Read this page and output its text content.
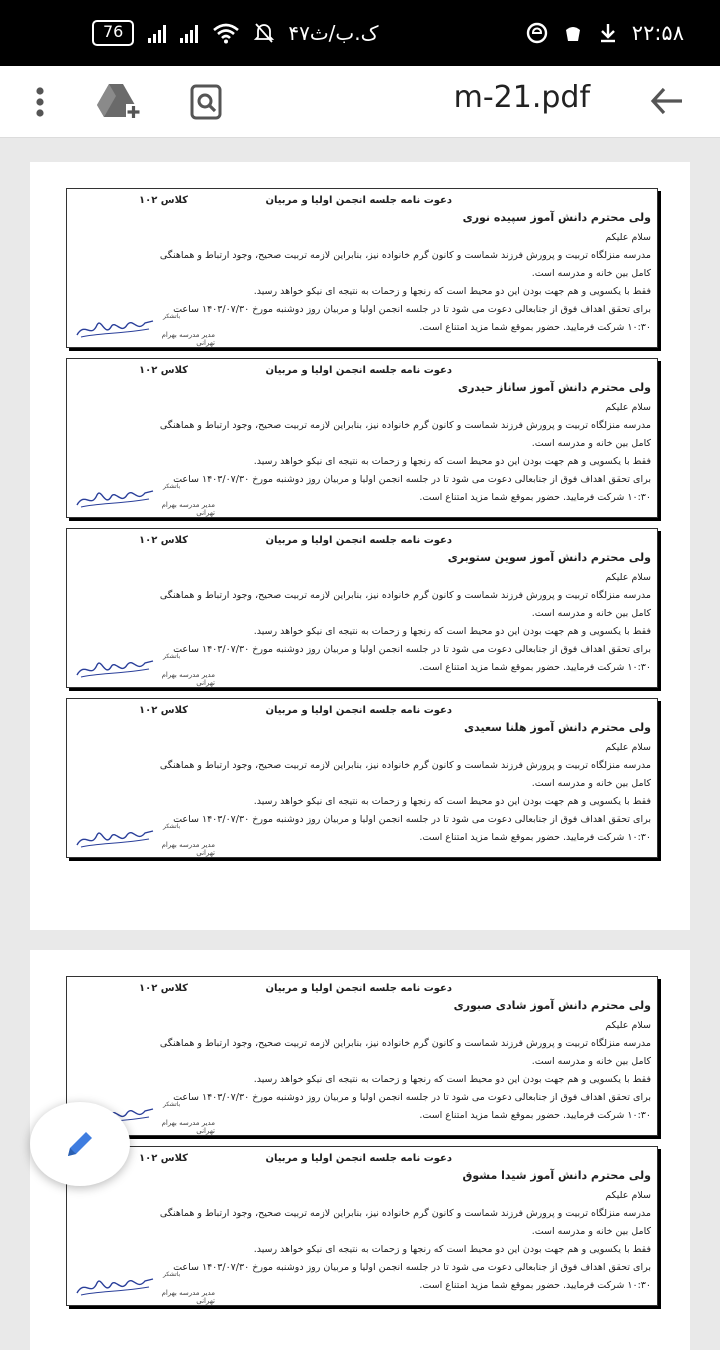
76	۴۷ک.ب/ث	۲۲:۵۸
m-21.pdf
دعوت نامه جلسه انجمن اولیا و مربیان
کلاس ۱۰۲
ولی محترم دانش آموز سپیده نوری

سلام علیکم

مدرسه منزلگاه تربیت و پرورش فرزند شماست و کانون گرم خانواده نیز، بنابراین لازمه تربیت صحیح، وجود ارتباط و هماهنگی

کامل بین خانه و مدرسه است.

فقط با یکسویی و هم جهت بودن این دو محیط است که رنجها و زحمات به نتیجه ای نیکو خواهد رسید.

برای تحقق اهداف فوق از جنابعالی دعوت می شود تا در جلسه انجمن اولیا و مربیان روز دوشنبه مورخ ۱۴۰۳/۰۷/۳۰ ساعت

۱۰:۳۰ شرکت فرمایید. حضور بموقع شما مزید امتناع است.

باتشکر
مدیر مدرسه بهرام تهرانی
دعوت نامه جلسه انجمن اولیا و مربیان
کلاس ۱۰۲
ولی محترم دانش آموز ساناز حیدری

سلام علیکم

مدرسه منزلگاه تربیت و پرورش فرزند شماست و کانون گرم خانواده نیز، بنابراین لازمه تربیت صحیح، وجود ارتباط و هماهنگی

کامل بین خانه و مدرسه است.

فقط با یکسویی و هم جهت بودن این دو محیط است که رنجها و زحمات به نتیجه ای نیکو خواهد رسید.

برای تحقق اهداف فوق از جنابعالی دعوت می شود تا در جلسه انجمن اولیا و مربیان روز دوشنبه مورخ ۱۴۰۳/۰۷/۳۰ ساعت

۱۰:۳۰ شرکت فرمایید. حضور بموقع شما مزید امتناع است.

باتشکر
مدیر مدرسه بهرام تهرانی
دعوت نامه جلسه انجمن اولیا و مربیان
کلاس ۱۰۲
ولی محترم دانش آموز سوین ستوبری

سلام علیکم

مدرسه منزلگاه تربیت و پرورش فرزند شماست و کانون گرم خانواده نیز، بنابراین لازمه تربیت صحیح، وجود ارتباط و هماهنگی

کامل بین خانه و مدرسه است.

فقط با یکسویی و هم جهت بودن این دو محیط است که رنجها و زحمات به نتیجه ای نیکو خواهد رسید.

برای تحقق اهداف فوق از جنابعالی دعوت می شود تا در جلسه انجمن اولیا و مربیان روز دوشنبه مورخ ۱۴۰۳/۰۷/۳۰ ساعت

۱۰:۳۰ شرکت فرمایید. حضور بموقع شما مزید امتناع است.

باتشکر
مدیر مدرسه بهرام تهرانی
دعوت نامه جلسه انجمن اولیا و مربیان
کلاس ۱۰۲
ولی محترم دانش آموز هلنا سعیدی

سلام علیکم

مدرسه منزلگاه تربیت و پرورش فرزند شماست و کانون گرم خانواده نیز، بنابراین لازمه تربیت صحیح، وجود ارتباط و هماهنگی

کامل بین خانه و مدرسه است.

فقط با یکسویی و هم جهت بودن این دو محیط است که رنجها و زحمات به نتیجه ای نیکو خواهد رسید.

برای تحقق اهداف فوق از جنابعالی دعوت می شود تا در جلسه انجمن اولیا و مربیان روز دوشنبه مورخ ۱۴۰۳/۰۷/۳۰ ساعت

۱۰:۳۰ شرکت فرمایید. حضور بموقع شما مزید امتناع است.

باتشکر
مدیر مدرسه بهرام تهرانی
دعوت نامه جلسه انجمن اولیا و مربیان
کلاس ۱۰۲
ولی محترم دانش آموز شادی صبوری

سلام علیکم

مدرسه منزلگاه تربیت و پرورش فرزند شماست و کانون گرم خانواده نیز، بنابراین لازمه تربیت صحیح، وجود ارتباط و هماهنگی

کامل بین خانه و مدرسه است.

فقط با یکسویی و هم جهت بودن این دو محیط است که رنجها و زحمات به نتیجه ای نیکو خواهد رسید.

برای تحقق اهداف فوق از جنابعالی دعوت می شود تا در جلسه انجمن اولیا و مربیان روز دوشنبه مورخ ۱۴۰۳/۰۷/۳۰ ساعت

۱۰:۳۰ شرکت فرمایید. حضور بموقع شما مزید امتناع است.

باتشکر
مدیر مدرسه بهرام تهرانی
دعوت نامه جلسه انجمن اولیا و مربیان
کلاس ۱۰۲
ولی محترم دانش آموز شیدا مشوق

سلام علیکم

مدرسه منزلگاه تربیت و پرورش فرزند شماست و کانون گرم خانواده نیز، بنابراین لازمه تربیت صحیح، وجود ارتباط و هماهنگی

کامل بین خانه و مدرسه است.

فقط با یکسویی و هم جهت بودن این دو محیط است که رنجها و زحمات به نتیجه ای نیکو خواهد رسید.

برای تحقق اهداف فوق از جنابعالی دعوت می شود تا در جلسه انجمن اولیا و مربیان روز دوشنبه مورخ ۱۴۰۳/۰۷/۳۰ ساعت

۱۰:۳۰ شرکت فرمایید. حضور بموقع شما مزید امتناع است.

باتشکر
مدیر مدرسه بهرام تهرانی
